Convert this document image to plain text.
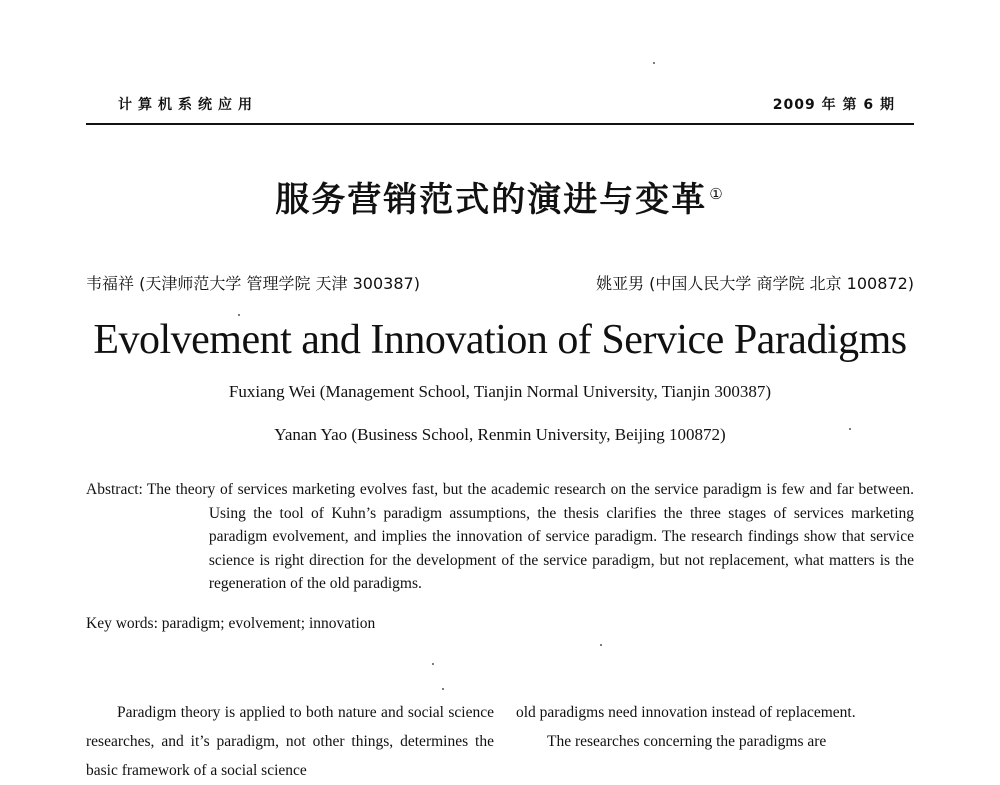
计算机系统应用	2009 年 第 6 期
服务营销范式的演进与变革 ①
韦福祥 (天津师范大学 管理学院 天津 300387)	姚亚男 (中国人民大学 商学院 北京 100872)
Evolvement and Innovation of Service Paradigms
Fuxiang Wei (Management School, Tianjin Normal University, Tianjin 300387)
Yanan Yao (Business School, Renmin University, Beijing 100872)
Abstract: The theory of services marketing evolves fast, but the academic research on the service paradigm is few and far between. Using the tool of Kuhn’s paradigm assumptions, the thesis clarifies the three stages of services marketing paradigm evolvement, and implies the innovation of service paradigm. The research findings show that service science is right direction for the development of the service paradigm, but not replacement, what matters is the regeneration of the old paradigms.
Key words: paradigm; evolvement; innovation

Paradigm theory is applied to both nature and social science researches, and it’s paradigm, not other things, determines the basic framework of a social science

old paradigms need innovation instead of replacement.

The researches concerning the paradigms are
